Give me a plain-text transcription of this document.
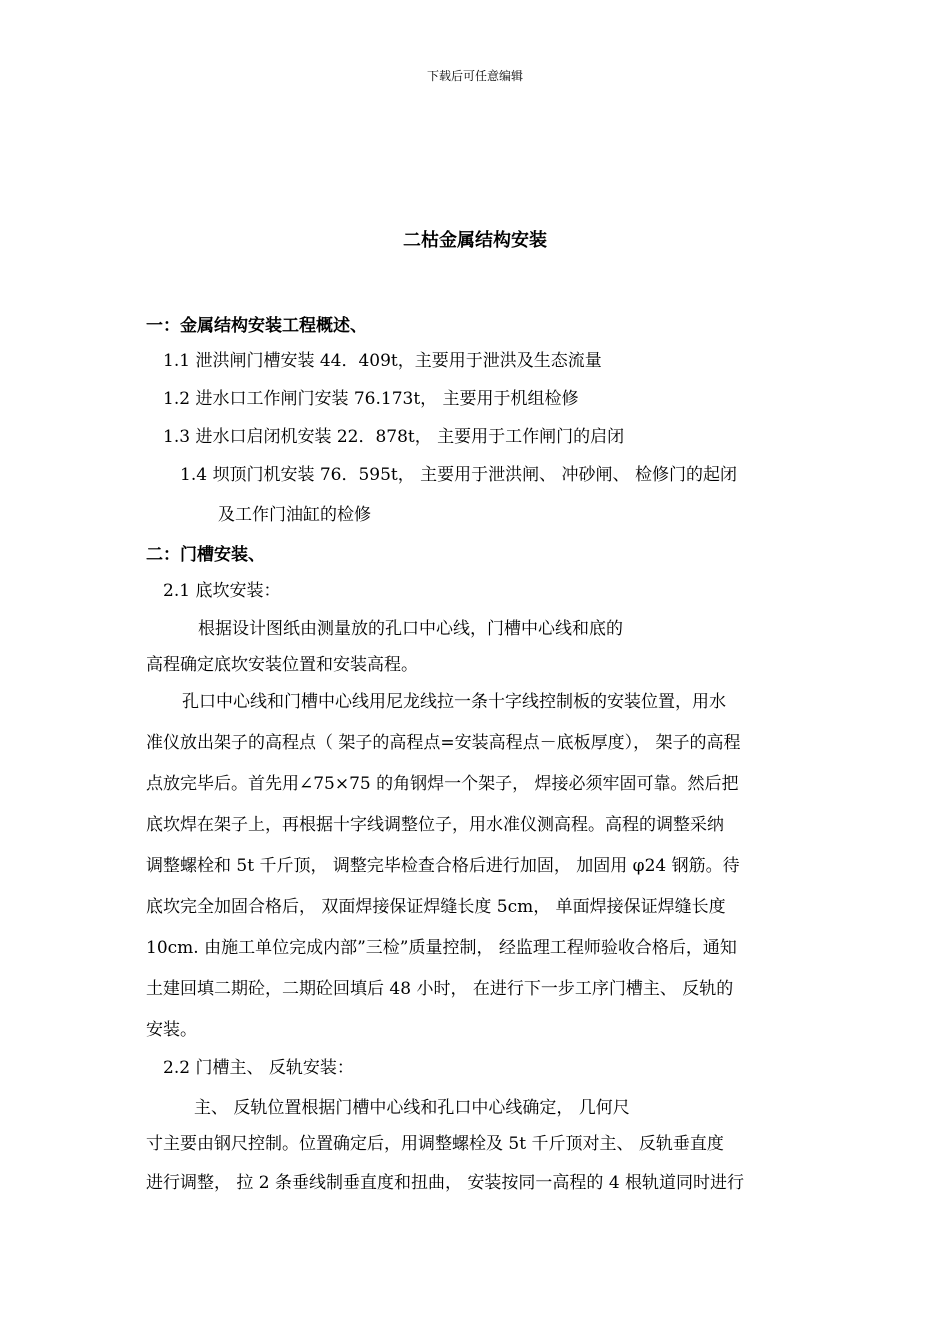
下载后可任意编辑
二枯金属结构安装
一：金属结构安装工程概述、
1.1 泄洪闸门槽安装 44．409t，主要用于泄洪及生态流量
1.2 进水口工作闸门安装 76.173t， 主要用于机组检修
1.3 进水口启闭机安装 22．878t， 主要用于工作闸门的启闭
1.4 坝顶门机安装 76．595t， 主要用于泄洪闸、 冲砂闸、 检修门的起闭
及工作门油缸的检修
二：门槽安装、
2.1 底坎安装：
根据设计图纸由测量放的孔口中心线，门槽中心线和底的
高程确定底坎安装位置和安装高程。
孔口中心线和门槽中心线用尼龙线拉一条十字线控制板的安装位置，用水
准仪放出架子的高程点（ 架子的高程点=安装高程点－底板厚度）， 架子的高程
点放完毕后。首先用∠75×75 的角钢焊一个架子， 焊接必须牢固可靠。然后把
底坎焊在架子上，再根据十字线调整位子，用水准仪测高程。高程的调整采纳
调整螺栓和 5t 千斤顶， 调整完毕检查合格后进行加固， 加固用 φ24 钢筋。待
底坎完全加固合格后， 双面焊接保证焊缝长度 5cm， 单面焊接保证焊缝长度
10cm. 由施工单位完成内部”三检”质量控制， 经监理工程师验收合格后，通知
土建回填二期砼，二期砼回填后 48 小时， 在进行下一步工序门槽主、 反轨的
安装。
2.2 门槽主、 反轨安装：
主、 反轨位置根据门槽中心线和孔口中心线确定， 几何尺
寸主要由钢尺控制。位置确定后，用调整螺栓及 5t 千斤顶对主、 反轨垂直度
进行调整， 拉 2 条垂线制垂直度和扭曲， 安装按同一高程的 4 根轨道同时进行
